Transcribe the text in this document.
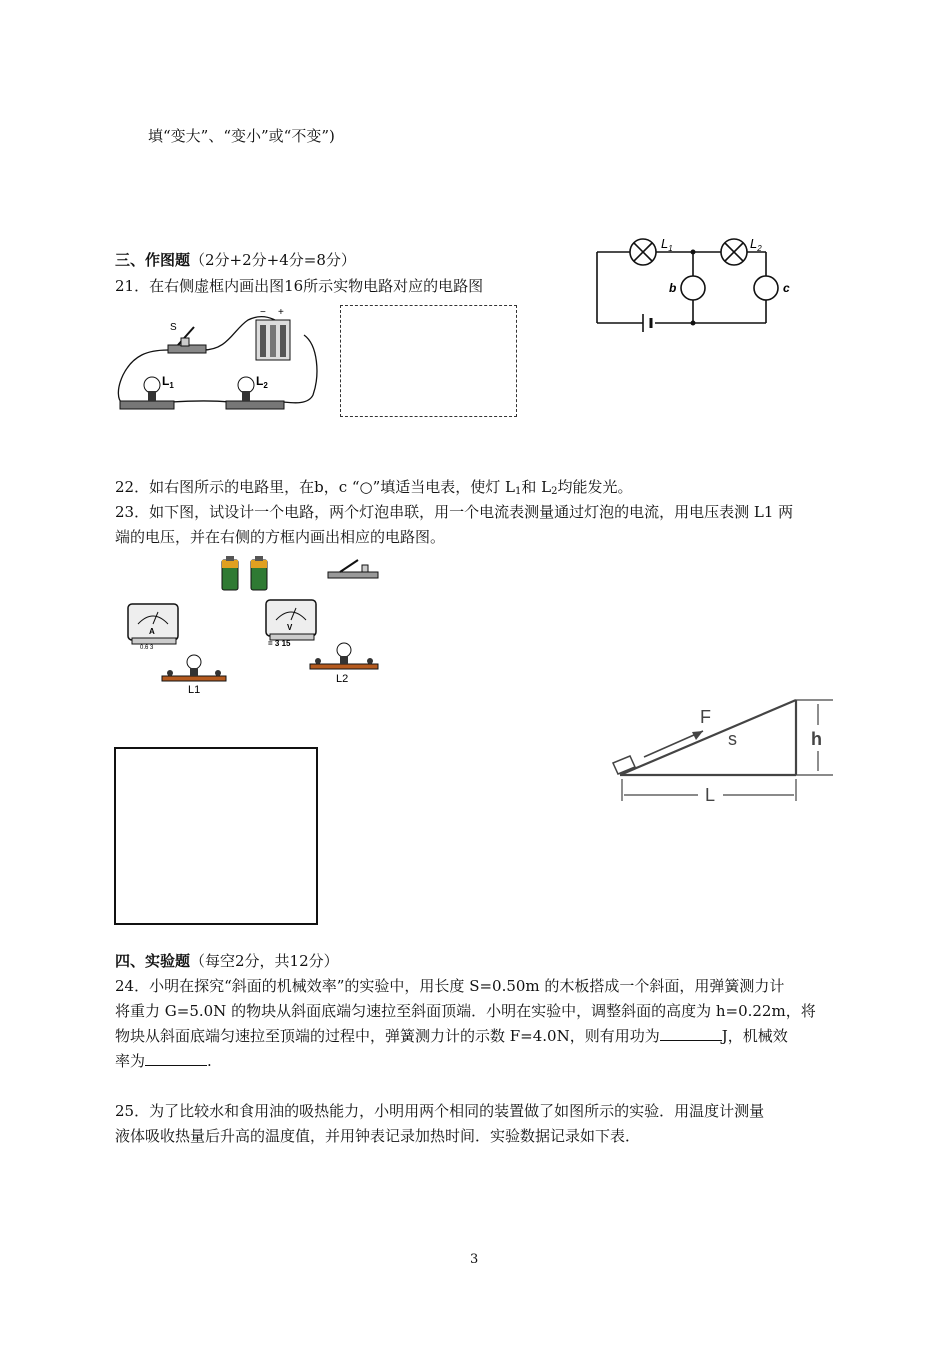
填“变大”、“变小”或“不变”)
三、作图题（2分+2分+4分=8分）
21．在右侧虚框内画出图16所示实物电路对应的电路图
$L_1$	$L_2$
b	c
S
− +
$L_1$	$L_2$
22．如右图所示的电路里，在b，c “○”填适当电表，使灯 $L_1$和 $L_2$均能发光。
23．如下图，试设计一个电路，两个灯泡串联，用一个电流表测量通过灯泡的电流，用电压表测 L1 两
端的电压，并在右侧的方框内画出相应的电路图。
A
0.6 3
V
= 3 15
L1
L2
F
s	h
L
四、实验题（每空2分，共12分）
24．小明在探究“斜面的机械效率”的实验中，用长度 S=0.50m 的木板搭成一个斜面，用弹簧测力计
将重力 G=5.0N 的物块从斜面底端匀速拉至斜面顶端．小明在实验中，调整斜面的高度为 h=0.22m，将
物块从斜面底端匀速拉至顶端的过程中，弹簧测力计的示数 F=4.0N，则有用功为	J，机械效
率为	.
25．为了比较水和食用油的吸热能力，小明用两个相同的装置做了如图所示的实验．用温度计测量
液体吸收热量后升高的温度值，并用钟表记录加热时间．实验数据记录如下表．
3
